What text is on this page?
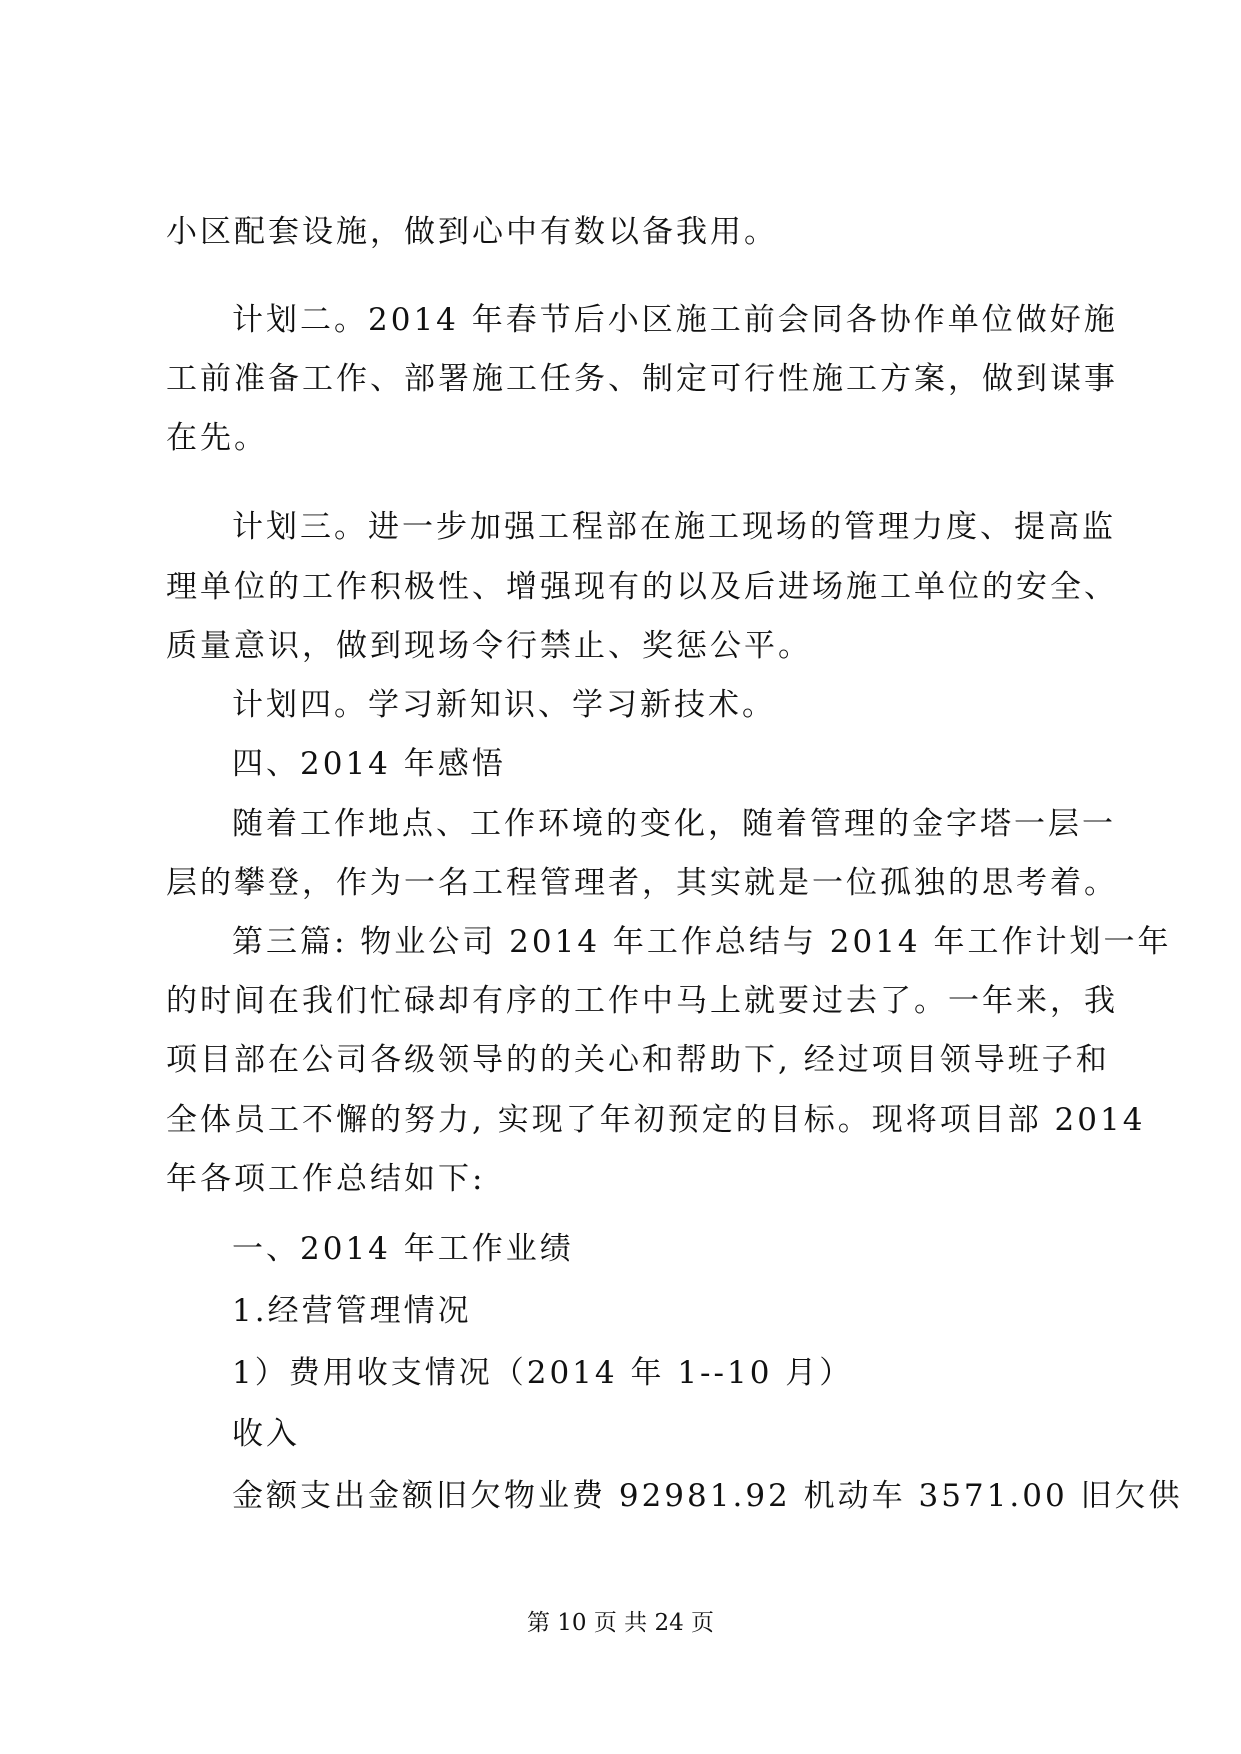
小区配套设施，做到心中有数以备我用。
计划二。2014 年春节后小区施工前会同各协作单位做好施
工前准备工作、部署施工任务、制定可行性施工方案，做到谋事
在先。
计划三。进一步加强工程部在施工现场的管理力度、提高监
理单位的工作积极性、增强现有的以及后进场施工单位的安全、
质量意识，做到现场令行禁止、奖惩公平。
计划四。学习新知识、学习新技术。
四、2014 年感悟
随着工作地点、工作环境的变化，随着管理的金字塔一层一
层的攀登，作为一名工程管理者，其实就是一位孤独的思考着。
第三篇: 物业公司 2014 年工作总结与 2014 年工作计划一年
的时间在我们忙碌却有序的工作中马上就要过去了。一年来，我
项目部在公司各级领导的的关心和帮助下, 经过项目领导班子和
全体员工不懈的努力, 实现了年初预定的目标。现将项目部 2014
年各项工作总结如下:
一、2014 年工作业绩
1.经营管理情况
1）费用收支情况（2014 年 1--10 月）
收入
金额支出金额旧欠物业费 92981.92 机动车 3571.00 旧欠供
第 10 页 共 24 页
